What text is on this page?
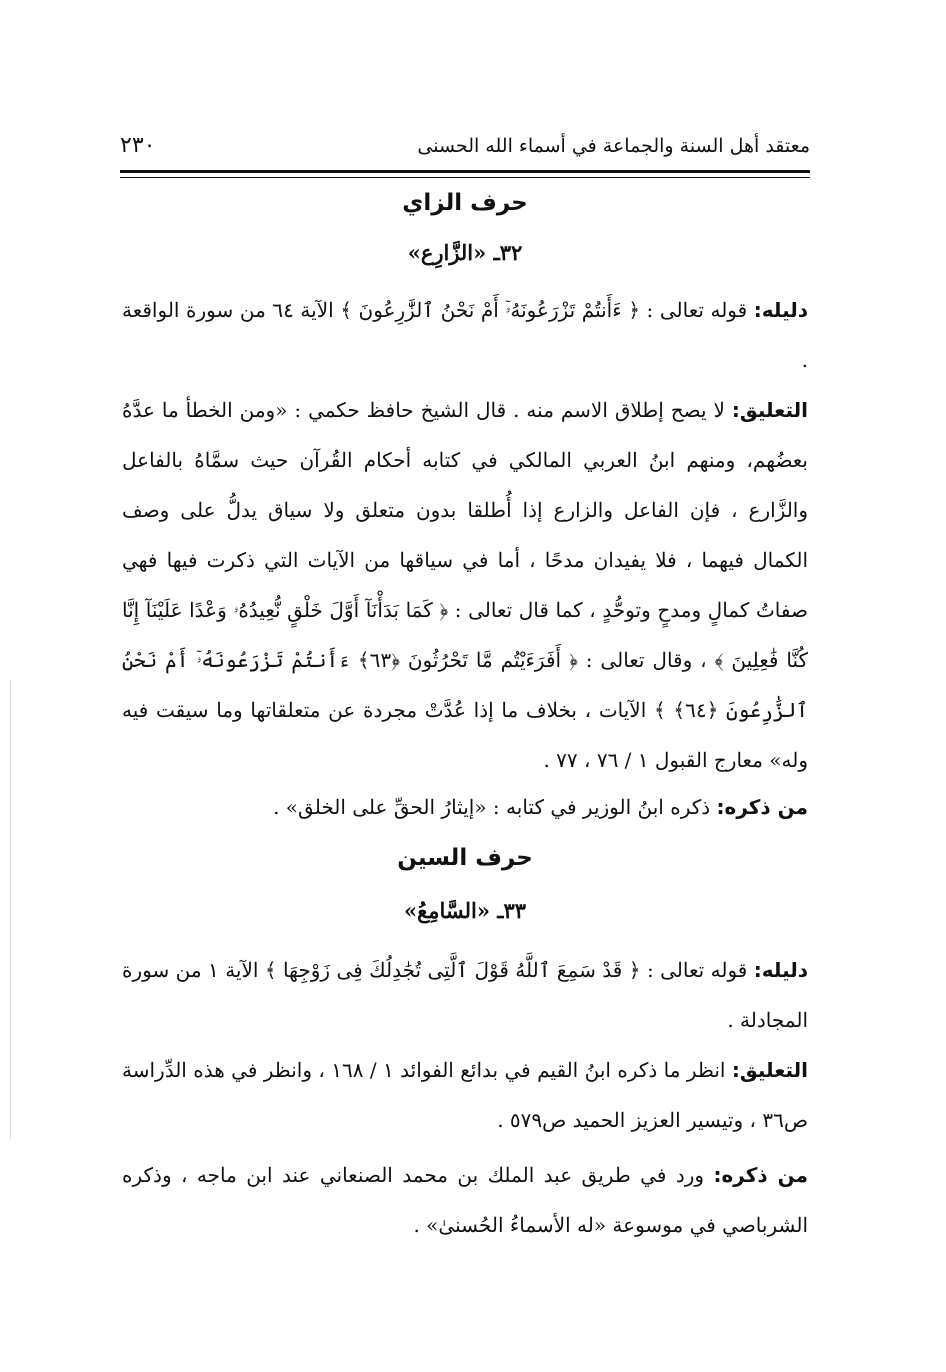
معتقد أهل السنة والجماعة في أسماء الله الحسنى
٢٣٠
حرف الزاي
٣٢ـ «الزَّارِع»
دليله: قوله تعالى : ﴿ ءَأَنتُمْ تَزْرَعُونَهُۥٓ أَمْ نَحْنُ ٱلزَّٰرِعُونَ ﴾ الآية ٦٤ من سورة الواقعة .
التعليق: لا يصح إطلاق الاسم منه . قال الشيخ حافظ حكمي : «ومن الخطأ ما عدَّهُ بعضُهم، ومنهم ابنُ العربي المالكي في كتابه أحكام القُرآن حيث سمَّاهُ بالفاعل والزَّارع ، فإن الفاعل والزارع إذا أُطلقا بدون متعلق ولا سياق يدلُّ على وصف الكمال فيهما ، فلا يفيدان مدحًا ، أما في سياقها من الآيات التي ذكرت فيها فهي صفاتُ كمالٍ ومدحٍ وتوحُّدٍ ، كما قال تعالى : ﴿ كَمَا بَدَأْنَآ أَوَّلَ خَلْقٍ نُّعِيدُهُۥ وَعْدًا عَلَيْنَآ إِنَّا كُنَّا فَٰعِلِينَ ﴾ ، وقال تعالى : ﴿ أَفَرَءَيْتُم مَّا تَحْرُثُونَ ﴿٦٣﴾ ءَأَنتُمْ تَزْرَعُونَهُۥٓ أَمْ نَحْنُ ٱلزَّٰرِعُونَ ﴿٦٤﴾ ﴾ الآيات ، بخلاف ما إذا عُدَّتْ مجردة عن متعلقاتها وما سيقت فيه وله» معارج القبول ١ / ٧٦ ، ٧٧ .
من ذكره: ذكره ابنُ الوزير في كتابه : «إيثارُ الحقِّ على الخلق» .
حرف السين
٣٣ـ «السَّامِعُ»
دليله: قوله تعالى : ﴿ قَدْ سَمِعَ ٱللَّهُ قَوْلَ ٱلَّتِى تُجَٰدِلُكَ فِى زَوْجِهَا ﴾ الآية ١ من سورة المجادلة .
التعليق: انظر ما ذكره ابنُ القيم في بدائع الفوائد ١ / ١٦٨ ، وانظر في هذه الدِّراسة ص٣٦ ، وتيسير العزيز الحميد ص٥٧٩ .
من ذكره: ورد في طريق عبد الملك بن محمد الصنعاني عند ابن ماجه ، وذكره الشرباصي في موسوعة «له الأسماءُ الحُسنىٰ» .
